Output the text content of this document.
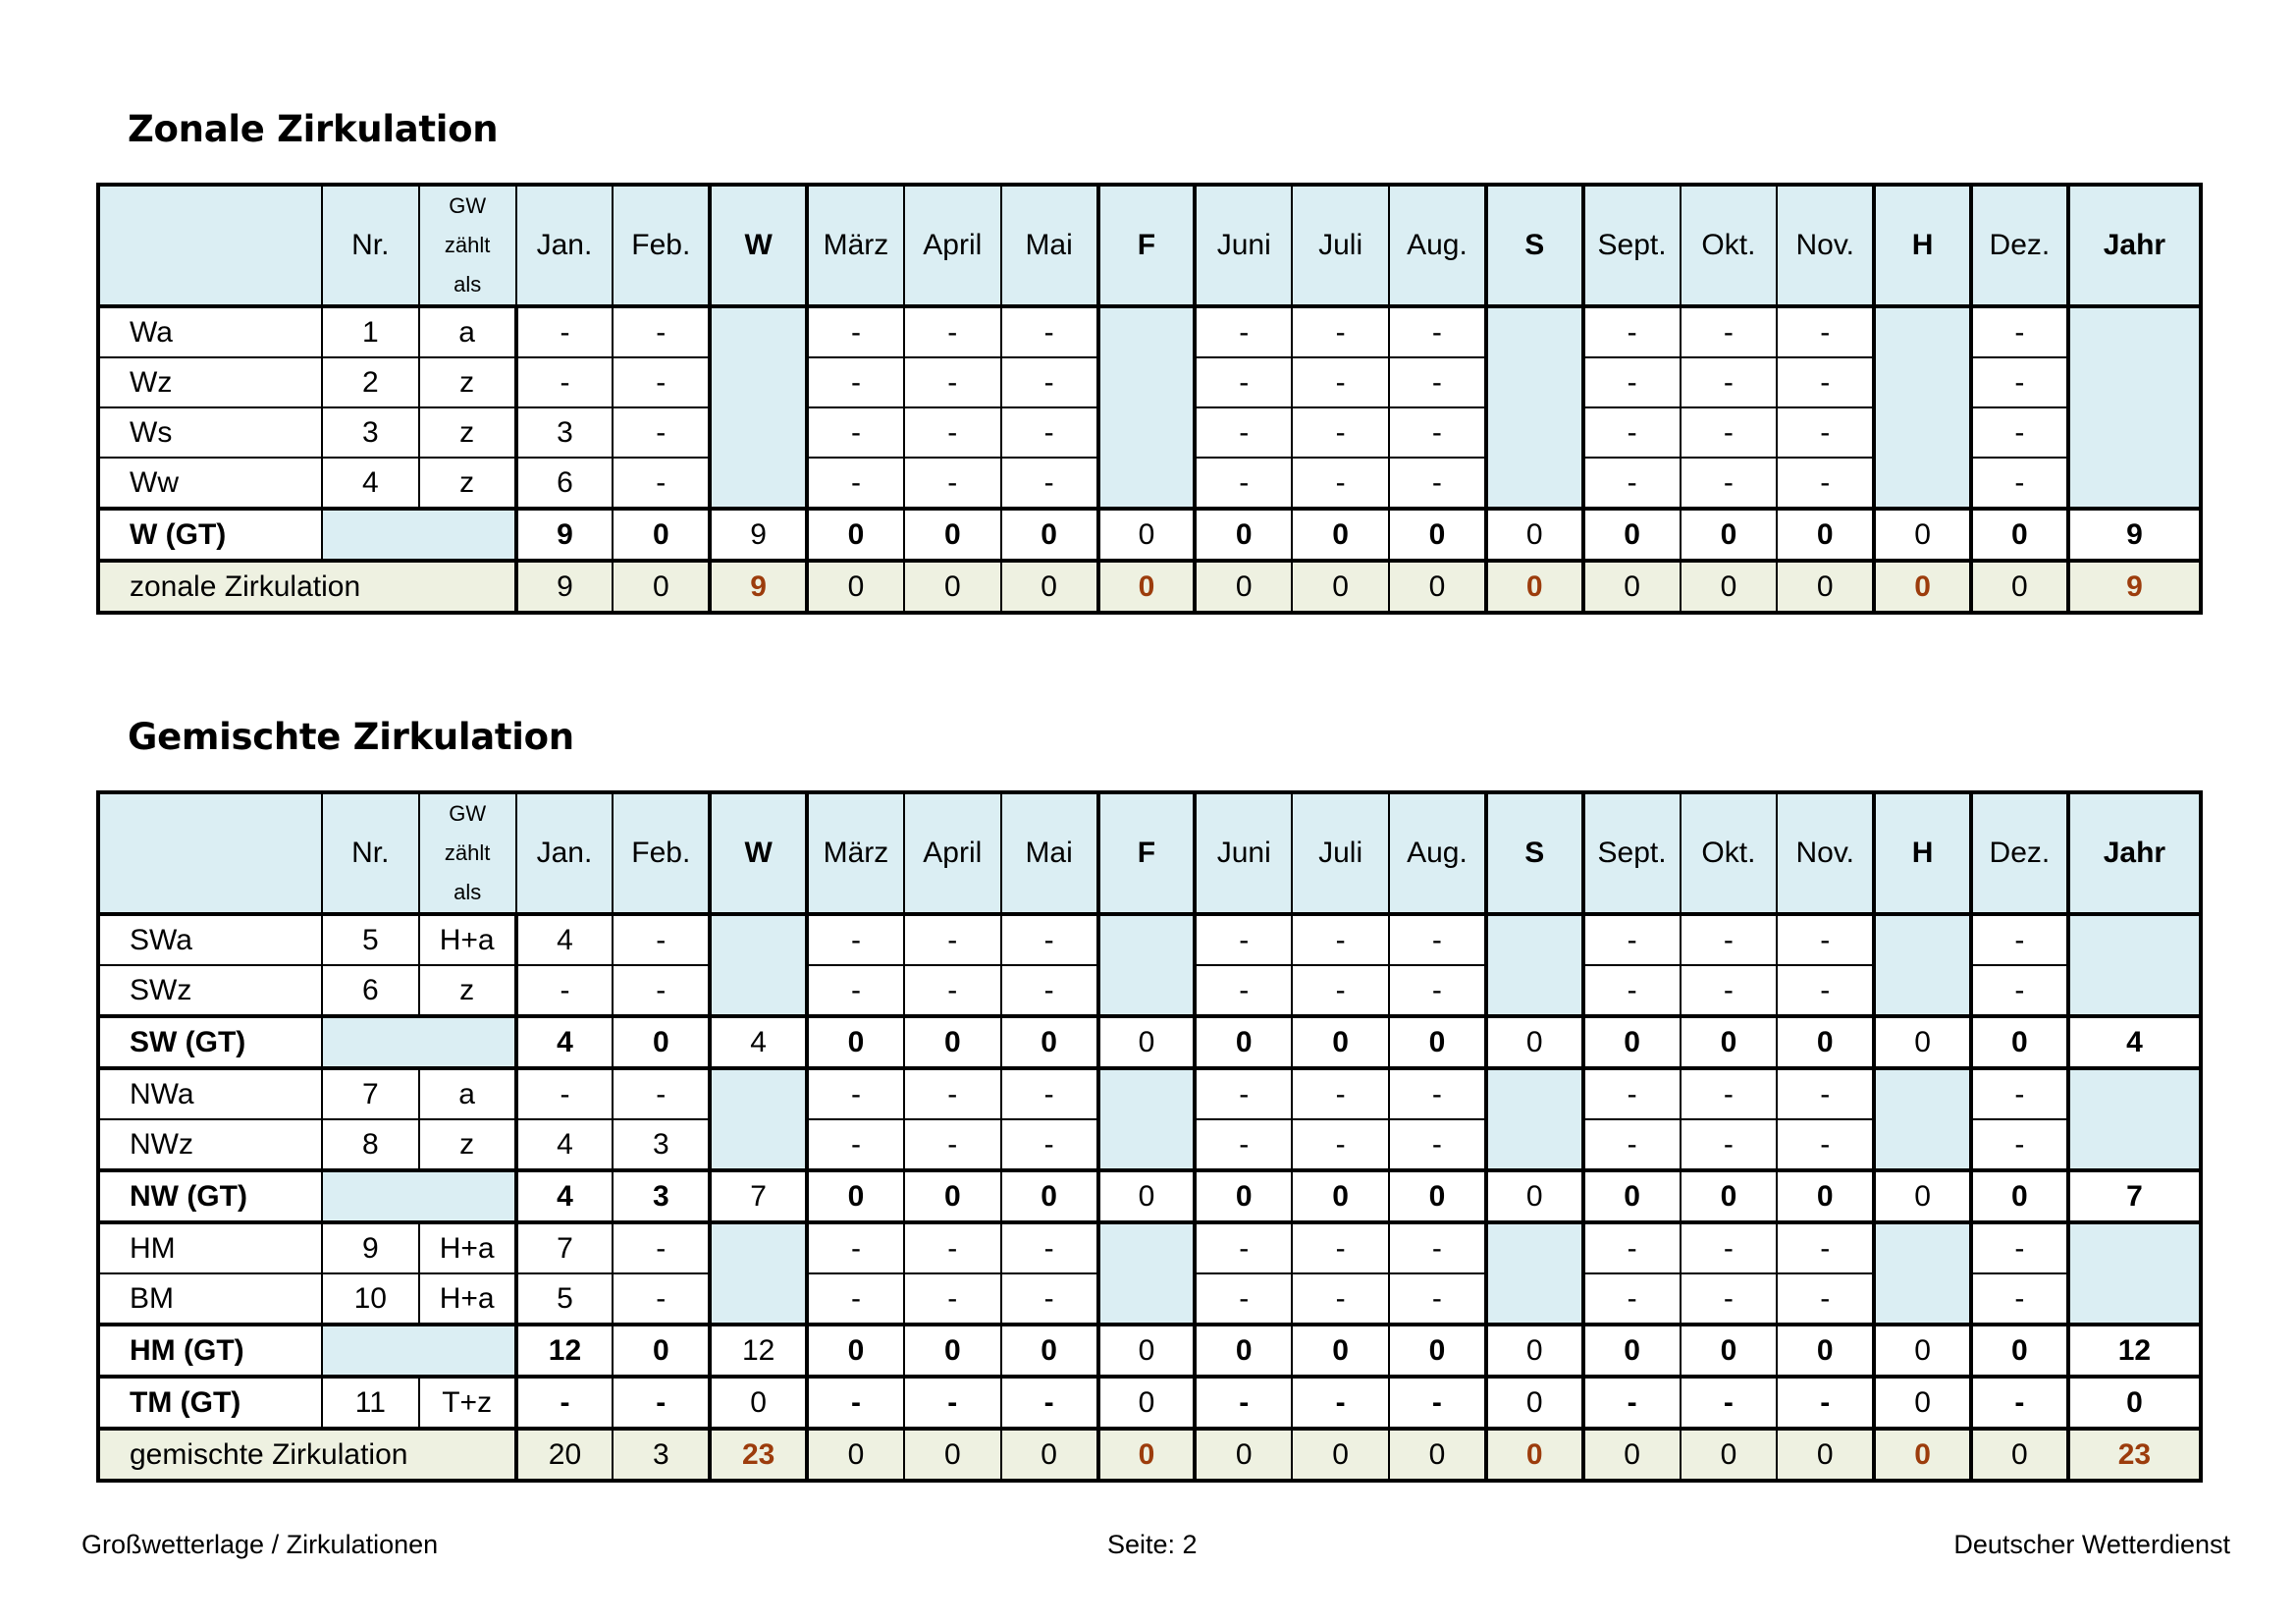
Zonale Zirkulation
	Nr.	GW
zählt
als	Jan.	Feb.	W	März	April	Mai	F	Juni	Juli	Aug.	S	Sept.	Okt.	Nov.	H	Dez.	Jahr
Wa	1	a	-	-		-	-	-		-	-	-		-	-	-		-	
Wz	2	z	-	-		-	-	-		-	-	-		-	-	-		-	
Ws	3	z	3	-		-	-	-		-	-	-		-	-	-		-	
Ww	4	z	6	-		-	-	-		-	-	-		-	-	-		-	
W (GT)			9	0	9	0	0	0	0	0	0	0	0	0	0	0	0	0	9
zonale Zirkulation			9	0	9	0	0	0	0	0	0	0	0	0	0	0	0	0	9
Gemischte Zirkulation
	Nr.	GW
zählt
als	Jan.	Feb.	W	März	April	Mai	F	Juni	Juli	Aug.	S	Sept.	Okt.	Nov.	H	Dez.	Jahr
SWa	5	H+a	4	-		-	-	-		-	-	-		-	-	-		-	
SWz	6	z	-	-		-	-	-		-	-	-		-	-	-		-	
SW (GT)			4	0	4	0	0	0	0	0	0	0	0	0	0	0	0	0	4
NWa	7	a	-	-		-	-	-		-	-	-		-	-	-		-	
NWz	8	z	4	3		-	-	-		-	-	-		-	-	-		-	
NW (GT)			4	3	7	0	0	0	0	0	0	0	0	0	0	0	0	0	7
HM	9	H+a	7	-		-	-	-		-	-	-		-	-	-		-	
BM	10	H+a	5	-		-	-	-		-	-	-		-	-	-		-	
HM (GT)			12	0	12	0	0	0	0	0	0	0	0	0	0	0	0	0	12
TM (GT)	11	T+z	-	-	0	-	-	-	0	-	-	-	0	-	-	-	0	-	0
gemischte Zirkulation			20	3	23	0	0	0	0	0	0	0	0	0	0	0	0	0	23

Großwetterlage / Zirkulationen	Seite: 2	Deutscher Wetterdienst
